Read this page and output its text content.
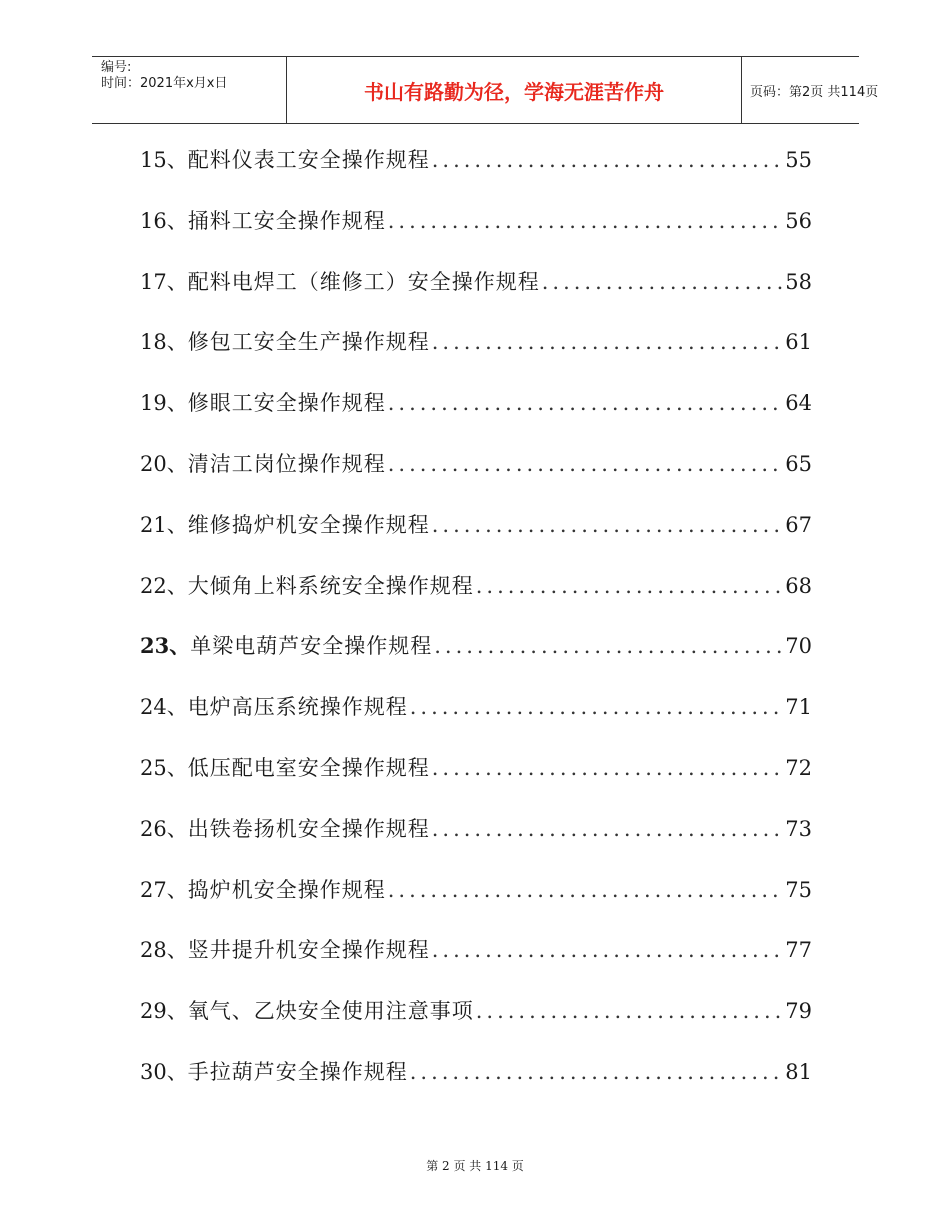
编号:
时间：2021年x月x日	书山有路勤为径，学海无涯苦作舟	页码：第2页 共114页
15、 配料仪表工安全操作规程 .....	55
16、 捅料工安全操作规程 .....	56
17、 配料电焊工（维修工）安全操作规程 .....	58
18、 修包工安全生产操作规程 .....	61
19、 修眼工安全操作规程 .....	64
20、 清洁工岗位操作规程 .....	65
21、 维修捣炉机安全操作规程 .....	67
22、 大倾角上料系统安全操作规程 .....	68
23、 单梁电葫芦安全操作规程 .....	70
24、 电炉高压系统操作规程 .....	71
25、 低压配电室安全操作规程 .....	72
26、 出铁卷扬机安全操作规程 .....	73
27、 捣炉机安全操作规程 .....	75
28、 竖井提升机安全操作规程 .....	77
29、 氧气、乙炔安全使用注意事项 .....	79
30、 手拉葫芦安全操作规程 .....	81
第 2 页 共 114 页
